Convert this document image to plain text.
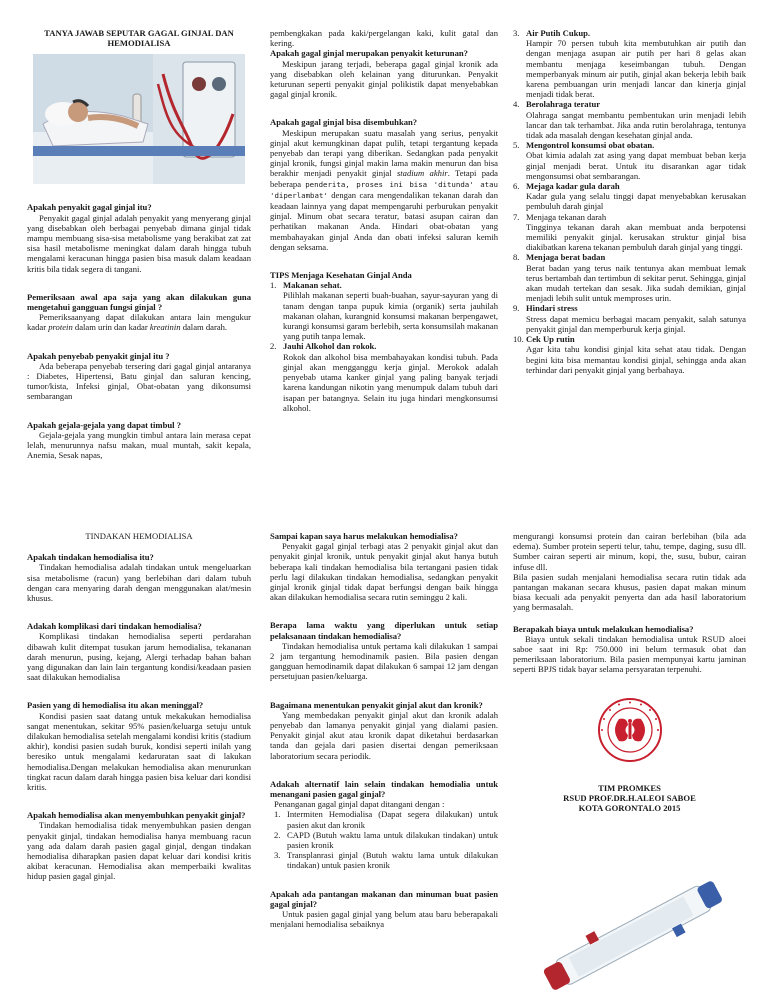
TANYA JAWAB SEPUTAR GAGAL GINJAL DAN HEMODIALISA

Apakah penyakit gagal ginjal itu?

Penyakit gagal ginjal adalah penyakit yang menyerang ginjal yang disebabkan oleh berbagai penyebab dimana ginjal tidak mampu membuang sisa-sisa metabolisme yang berakibat zat zat sisa hasil metabolisme meningkat dalam darah hingga tubuh mengalami keracunan hingga pasien bisa masuk dalam keadaan kritis bila tidak segera di tangani.

Pemeriksaan awal apa saja yang akan dilakukan guna mengetahui gangguan fungsi ginjal ?

Pemeriksaanyang dapat dilakukan antara lain mengukur kadar protein dalam urin dan kadar kreatinin dalam darah.

Apakah penyebab penyakit ginjal itu ?

Ada beberapa penyebab tersering dari gagal ginjal antaranya : Diabetes, Hipertensi, Batu ginjal dan saluran kencing, tumor/kista, Infeksi ginjal, Obat-obatan yang dikonsumsi sembarangan

Apakah gejala-gejala yang dapat timbul ?

Gejala-gejala yang mungkin timbul antara lain merasa cepat lelah, menurunnya nafsu makan, mual muntah, sakit kepala, Anemia, Sesak napas,

pembengkakan pada kaki/pergelangan kaki, kulit gatal dan kering.

Apakah gagal ginjal merupakan penyakit keturunan?

Meskipun jarang terjadi, beberapa gagal ginjal kronik ada yang disebabkan oleh kelainan yang diturunkan. Penyakit keturunan seperti penyakit ginjal polikistik dapat menyebabkan gagal ginjal kronik.

Apakah gagal ginjal bisa disembuhkan?

Meskipun merupakan suatu masalah yang serius, penyakit ginjal akut kemungkinan dapat pulih, tetapi tergantung kepada penyebab dan terapi yang diberikan. Sedangkan pada penyakit ginjal kronik, fungsi ginjal makin lama makin menurun dan bisa berakhir menjadi penyakit ginjal stadium akhir. Tetapi pada beberapa penderita, proses ini bisa 'ditunda' atau 'diperlambat' dengan cara mengendalikan tekanan darah dan keadaan lainnya yang dapat mempengaruhi perburukan penyakit ginjal. Minum obat secara teratur, batasi asupan cairan dan perhatikan makanan Anda. Hindari obat-obatan yang membahayakan ginjal Anda dan obati infeksi saluran kemih dengan seksama.

TIPS Menjaga Kesehatan Ginjal Anda

1. Makanan sehat.

Pilihlah makanan seperti buah-buahan, sayur-sayuran yang di tanam dengan tanpa pupuk kimia (organik) serta jauhilah makanan olahan, kurangnid konsumsi makanan berpengawet, kurangi konsumsi garam berlebih, serta konsumsilah makanan yang putih tanpa lemak.

2. Jauhi Alkohol dan rokok.

Rokok dan alkohol bisa membahayakan kondisi tubuh. Pada ginjal akan mengganggu kerja ginjal. Merokok adalah penyebab utama kanker ginjal yang paling banyak terjadi karena kandungan nikotin yang menumpuk dalam tubuh dari isapan per batangnya. Selain itu juga hindari mengkonsumsi alkohol.

3. Air Putih Cukup.

Hampir 70 persen tubuh kita membutuhkan air putih dan dengan menjaga asupan air putih per hari 8 gelas akan membantu menjaga keseimbangan tubuh. Dengan memperbanyak minum air putih, ginjal akan bekerja lebih baik karena pembuangan urin menjadi lancar dan kinerja ginjal menjadi tidak berat.

4. Berolahraga teratur

Olahraga sangat membantu pembentukan urin menjadi lebih lancar dan tak terhambat. Jika anda rutin berolahraga, tentunya tidak ada masalah dengan kesehatan ginjal anda.

5. Mengontrol konsumsi obat obatan.

Obat kimia adalah zat asing yang dapat membuat beban kerja ginjal menjadi berat. Untuk itu disarankan agar tidak mengonsumsi obat sembarangan.

6. Mejaga kadar gula darah

Kadar gula yang selalu tinggi dapat menyebabkan kerusakan pembuluh darah ginjal

7. Menjaga tekanan darah

Tingginya tekanan darah akan membuat anda berpotensi memiliki penyakit ginjal. kerusakan struktur ginjal bisa diakibatkan karena tekanan pembuluh darah ginjal yang tinggi.

8. Menjaga berat badan

Berat badan yang terus naik tentunya akan membuat lemak terus bertambah dan tertimbun di sekitar perut. Sehingga, ginjal akan mudah tertekan dan sesak. Jika sudah demikian, ginjal menjadi lebih sulit untuk memproses urin.

9. Hindari stress

Stress dapat memicu berbagai macam penyakit, salah satunya penyakit ginjal dan memperburuk kerja ginjal.

10. Cek Up rutin

Agar kita tahu kondisi ginjal kita sehat atau tidak. Dengan begini kita bisa memantau kondisi ginjal, sehingga anda akan terhindar dari penyakit ginjal yang berbahaya.

TINDAKAN HEMODIALISA

Apakah tindakan hemodialisa itu?

Tindakan hemodialisa adalah tindakan untuk mengeluarkan sisa metabolisme (racun) yang berlebihan dari dalam tubuh dengan cara menyaring darah dengan menggunakan alat/mesin khusus.

Adakah komplikasi dari tindakan hemodialisa?

Komplikasi tindakan hemodialisa seperti perdarahan dibawah kulit ditempat tusukan jarum hemodialisa, tekananan darah menurun, pusing, kejang, Alergi terhadap bahan bahan yang digunakan dan lain lain tergantung kondisi/keadaan pasien saat dilakukan hemodialisa

Pasien yang di hemodialisa itu akan meninggal?

Kondisi pasien saat datang untuk mekakukan hemodialisa sangat menentukan, sekitar 95% pasien/keluarga setuju untuk dilakukan hemodialisa setelah mengalami kondisi kritis (stadium akhir), kondisi pasien sudah buruk, kondisi seperti inilah yang beresiko untuk mengalami kedaruratan saat di lakukan hemodialisa.Dengan melakukan hemodialisa akan menurunkan tingkat racun dalam darah hingga pasien bisa keluar dari kondisi kritis.

Apakah hemodialisa akan menyembuhkan penyakit ginjal?

Tindakan hemodialisa tidak menyembuhkan pasien dengan penyakit ginjal, tindakan hemodialisa hanya membuang racun yang ada dalam darah pasien gagal ginjal, dengan tindakan hemodialisa diharapkan pasien dapat keluar dari kondisi kritis akibat keracunan. Hemodialisa akan memperbaiki kwalitas hidup pasien gagal ginjal.

Sampai kapan saya harus melakukan hemodialisa?

Penyakit gagal ginjal terbagi atas 2 penyakit ginjal akut dan penyakit ginjal kronik, untuk penyakit ginjal akut hanya butuh beberapa kali tindakan hemodialisa bila tertangani pasien tidak perlu lagi dilakukan tindakan hemodialisa, sedangkan penyakit ginjal kronik ginjal tidak dapat berfungsi dengan baik hingga akan dilakukan hemodialisa secara rutin seminggu 2 kali.

Berapa lama waktu yang diperlukan untuk setiap pelaksanaan tindakan hemodialisa?

Tindakan hemodialisa untuk pertama kali dilakukan 1 sampai 2 jam tergantung hemodinamik pasien. Bila pasien dengan gangguan hemodinamik dapat dilakukan 6 sampai 12 jam dengan persetujuan pasien/keluarga.

Bagaimana menentukan penyakit ginjal akut dan kronik?

Yang membedakan penyakit ginjal akut dan kronik adalah penyebab dan lamanya penyakit ginjal yang dialami pasien. Penyakit ginjal akut atau kronik dapat diketahui berdasarkan tanda dan gejala dari pasien disertai dengan pemeriksaan laboratorium secara periodik.

Adakah alternatif lain selain tindakan hemodialia untuk menangani pasien gagal ginjal?

Penanganan gagal ginjal dapat ditangani dengan :

1. Intermiten Hemodialisa (Dapat segera dilakukan) untuk pasien akut dan kronik

2. CAPD (Butuh waktu lama untuk dilakukan tindakan) untuk pasien kronik

3. Transplanrasi ginjal (Butuh waktu lama untuk dilakukan tindakan) untuk pasien kronik

Apakah ada pantangan makanan dan minuman buat pasien gagal ginjal?

Untuk pasien gagal ginjal yang belum atau baru beberapakali menjalani hemodialisa sebaiknya

mengurangi konsumsi protein dan cairan berlebihan (bila ada edema). Sumber protein seperti telur, tahu, tempe, daging, susu dll. Sumber cairan seperti air minum, kopi, the, susu, bubur, cairan infuse dll.

Bila pasien sudah menjalani hemodialisa secara rutin tidak ada pantangan makanan secara khusus, pasien dapat makan minum biasa kecuali ada penyakit penyerta dan ada hasil laboratorium yang bermasalah.

Berapakah biaya untuk melakukan hemodialisa?

Biaya untuk sekali tindakan hemodialisa untuk RSUD aloei saboe saat ini Rp: 750.000 ini belum termasuk obat dan pemeriksaan laboratorium. Bila pasien mempunyai kartu jaminan seperti BPJS tidak bayar selama persyaratan terpenuhi.

TIM PROMKES

RSUD PROF.DR.H.ALEOI SABOE

KOTA GORONTALO 2015
